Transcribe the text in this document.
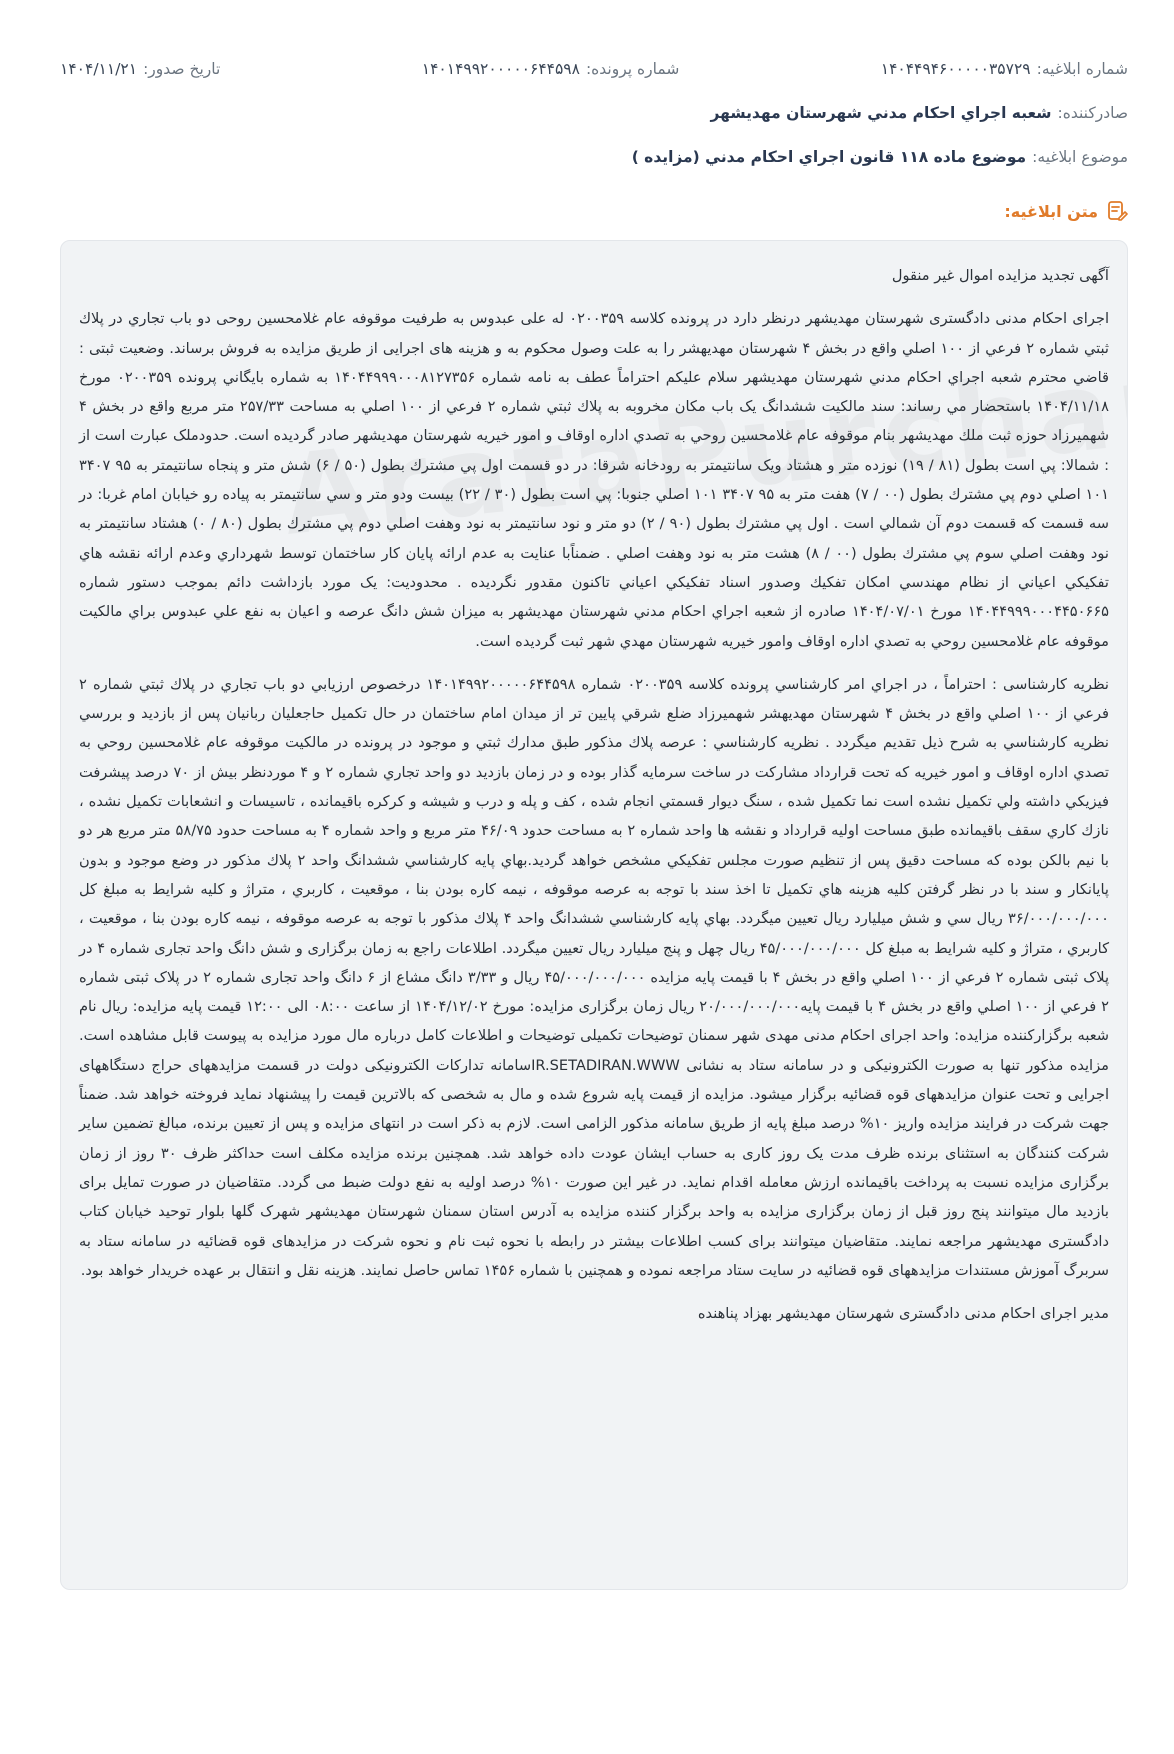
شماره ابلاغیه:
۱۴۰۴۴۹۴۶۰۰۰۰۰۳۵۷۲۹
شماره پرونده:
۱۴۰۱۴۹۹۲۰۰۰۰۰۶۴۴۵۹۸
تاریخ صدور:
۱۴۰۴/۱۱/۲۱
صادرکننده:
شعبه اجراي احكام مدني شهرستان مهديشهر
موضوع ابلاغیه:
موضوع ماده ۱۱۸ قانون اجراي احكام مدني (مزايده )
متن ابلاغیه:

آگهی تجدید مزایده اموال غیر منقول

اجرای احکام مدنی دادگستری شهرستان مهدیشهر درنظر دارد در پرونده کلاسه ۰۲۰۰۳۵۹ له علی عبدوس به طرفیت موقوفه عام غلامحسین روحی دو باب تجاري در پلاك ثبتي شماره ۲ فرعي از ۱۰۰ اصلي واقع در بخش ۴ شهرستان مهديهشر را به علت وصول محکوم به و هزینه های اجرایی از طریق مزایده به فروش برساند. وضعیت ثبتی : قاضي محترم شعبه اجراي احكام مدني شهرستان مهديشهر سلام عليكم احتراماً عطف به نامه شماره ۱۴۰۴۴۹۹۹۰۰۰۸۱۲۷۳۵۶ به شماره بايگاني پرونده ۰۲۰۰۳۵۹ مورخ ۱۴۰۴/۱۱/۱۸ باستحضار مي رساند: سند مالكيت ششدانگ يک باب مكان مخروبه به پلاك ثبتي شماره ۲ فرعي از ۱۰۰ اصلي به مساحت ۲۵۷/۳۳ متر مربع واقع در بخش ۴ شهميرزاد حوزه ثبت ملك مهديشهر بنام موقوفه عام غلامحسين روحي به تصدي اداره اوقاف و امور خيريه شهرستان مهديشهر صادر گرديده است. حدودملک عبارت است از : شمالا: پي است بطول (۸۱ / ۱۹) نوزده متر و هشتاد ويک سانتيمتر به رودخانه شرقا: در دو قسمت اول پي مشترك بطول (۵۰ / ۶) شش متر و پنجاه سانتيمتر به ۹۵ ۳۴۰۷ ۱۰۱ اصلي دوم پي مشترك بطول (۰۰ / ۷) هفت متر به ۹۵ ۳۴۰۷ ۱۰۱ اصلي جنوبا: پي است بطول (۳۰ / ۲۲) بيست ودو متر و سي سانتيمتر به پياده رو خيابان امام غربا: در سه قسمت كه قسمت دوم آن شمالي است . اول پي مشترك بطول (۹۰ / ۲) دو متر و نود سانتيمتر به نود وهفت اصلي دوم پي مشترك بطول (۸۰ / ۰) هشتاد سانتيمتر به نود وهفت اصلي سوم پي مشترك بطول (۰۰ / ۸) هشت متر به نود وهفت اصلي . ضمناًبا عنايت به عدم ارائه پايان كار ساختمان توسط شهرداري وعدم ارائه نقشه هاي تفكيكي اعياني از نظام مهندسي امكان تفكيك وصدور اسناد تفكيكي اعياني تاكنون مقدور نگرديده . محدوديت: يک مورد بازداشت دائم بموجب دستور شماره ۱۴۰۴۴۹۹۹۰۰۰۴۴۵۰۶۶۵ مورخ ۱۴۰۴/۰۷/۰۱ صادره از شعبه اجراي احكام مدني شهرستان مهديشهر به ميزان شش دانگ عرصه و اعيان به نفع علي عبدوس براي مالكيت موقوفه عام غلامحسين روحي به تصدي اداره اوقاف وامور خيريه شهرستان مهدي شهر ثبت گرديده است.

نظریه کارشناسی : احتراماً ، در اجراي امر كارشناسي پرونده كلاسه ۰۲۰۰۳۵۹ شماره ۱۴۰۱۴۹۹۲۰۰۰۰۰۶۴۴۵۹۸ درخصوص ارزيابي دو باب تجاري در پلاك ثبتي شماره ۲ فرعي از ۱۰۰ اصلي واقع در بخش ۴ شهرستان مهديهشر شهميرزاد ضلع شرقي پايين تر از ميدان امام ساختمان در حال تكميل حاجعليان ربانيان پس از بازديد و بررسي نظريه كارشناسي به شرح ذيل تقديم ميگردد . نظريه كارشناسي : عرصه پلاك مذكور طبق مدارك ثبتي و موجود در پرونده در مالكيت موقوفه عام غلامحسين روحي به تصدي اداره اوقاف و امور خيريه كه تحت قرارداد مشاركت در ساخت سرمايه گذار بوده و در زمان بازديد دو واحد تجاري شماره ۲ و ۴ موردنظر بيش از ۷۰ درصد پيشرفت فيزيكي داشته ولي تكميل نشده است نما تكميل شده ، سنگ ديوار قسمتي انجام شده ، كف و پله و درب و شيشه و كركره باقيمانده ، تاسيسات و انشعابات تكميل نشده ، نازك كاري سقف باقيمانده طبق مساحت اوليه قرارداد و نقشه ها واحد شماره ۲ به مساحت حدود ۴۶/۰۹ متر مربع و واحد شماره ۴ به مساحت حدود ۵۸/۷۵ متر مربع هر دو با نيم بالكن بوده كه مساحت دقيق پس از تنظيم صورت مجلس تفكيكي مشخص خواهد گرديد.بهاي پايه كارشناسي ششدانگ واحد ۲ پلاك مذكور در وضع موجود و بدون پايانكار و سند با در نظر گرفتن كليه هزينه هاي تكميل تا اخذ سند با توجه به عرصه موقوفه ، نيمه كاره بودن بنا ، موقعيت ، كاربري ، متراژ و كليه شرايط به مبلغ كل ۳۶/۰۰۰/۰۰۰/۰۰۰ ريال سي و شش ميليارد ريال تعيين ميگردد. بهاي پايه كارشناسي ششدانگ واحد ۴ پلاك مذكور با توجه به عرصه موقوفه ، نيمه كاره بودن بنا ، موقعيت ، كاربري ، متراژ و كليه شرايط به مبلغ كل ۴۵/۰۰۰/۰۰۰/۰۰۰ ريال چهل و پنج ميليارد ريال تعيين ميگردد. اطلاعات راجع به زمان برگزاری و شش دانگ واحد تجاری شماره ۴ در پلاک ثبتی شماره ۲ فرعي از ۱۰۰ اصلي واقع در بخش ۴ با قیمت پایه مزایده ۴۵/۰۰۰/۰۰۰/۰۰۰ ریال و ۳/۳۳ دانگ مشاع از ۶ دانگ واحد تجاری شماره ۲ در پلاک ثبتی شماره ۲ فرعي از ۱۰۰ اصلي واقع در بخش ۴ با قیمت پایه۲۰/۰۰۰/۰۰۰/۰۰۰ ریال زمان برگزاری مزایده: مورخ ۱۴۰۴/۱۲/۰۲ از ساعت ۰۸:۰۰ الی ۱۲:۰۰ قیمت پایه مزایده: ریال نام شعبه برگزارکننده مزایده: واحد اجرای احکام مدنی مهدی شهر سمنان توضیحات تکمیلی توضیحات و اطلاعات کامل درباره مال مورد مزایده به پیوست قابل مشاهده است. مزایده مذکور تنها به صورت الکترونیکی و در سامانه ستاد به نشانی IR.SETADIRAN.WWWسامانه تدارکات الکترونیکی دولت در قسمت مزایدههای حراج دستگاههای اجرایی و تحت عنوان مزایدههای قوه قضائیه برگزار میشود. مزایده از قیمت پایه شروع شده و مال به شخصی که بالاترین قیمت را پیشنهاد نماید فروخته خواهد شد. ضمناً جهت شرکت در فرایند مزایده واریز ۱۰% درصد مبلغ پایه از طریق سامانه مذکور الزامی است. لازم به ذکر است در انتهای مزایده و پس از تعیین برنده، مبالغ تضمین سایر شرکت کنندگان به استثنای برنده ظرف مدت یک روز کاری به حساب ایشان عودت داده خواهد شد. همچنین برنده مزایده مکلف است حداکثر ظرف ۳۰ روز از زمان برگزاری مزایده نسبت به پرداخت باقیمانده ارزش معامله اقدام نماید. در غیر این صورت ۱۰% درصد اولیه به نفع دولت ضبط می گردد. متقاضیان در صورت تمایل برای بازدید مال میتوانند پنج روز قبل از زمان برگزاری مزایده به واحد برگزار کننده مزایده به آدرس استان سمنان شهرستان مهدیشهر شهرک گلها بلوار توحید خیابان کتاب دادگستری مهدیشهر مراجعه نمایند. متقاضیان میتوانند برای کسب اطلاعات بیشتر در رابطه با نحوه ثبت نام و نحوه شرکت در مزایدهای قوه قضائیه در سامانه ستاد به سربرگ آموزش مستندات مزایدههای قوه قضائیه در سایت ستاد مراجعه نموده و همچنین با شماره ۱۴۵۶ تماس حاصل نمایند. هزینه نقل و انتقال بر عهده خریدار خواهد بود.

مدیر اجرای احکام مدنی دادگستری شهرستان مهدیشهر بهزاد پناهنده
